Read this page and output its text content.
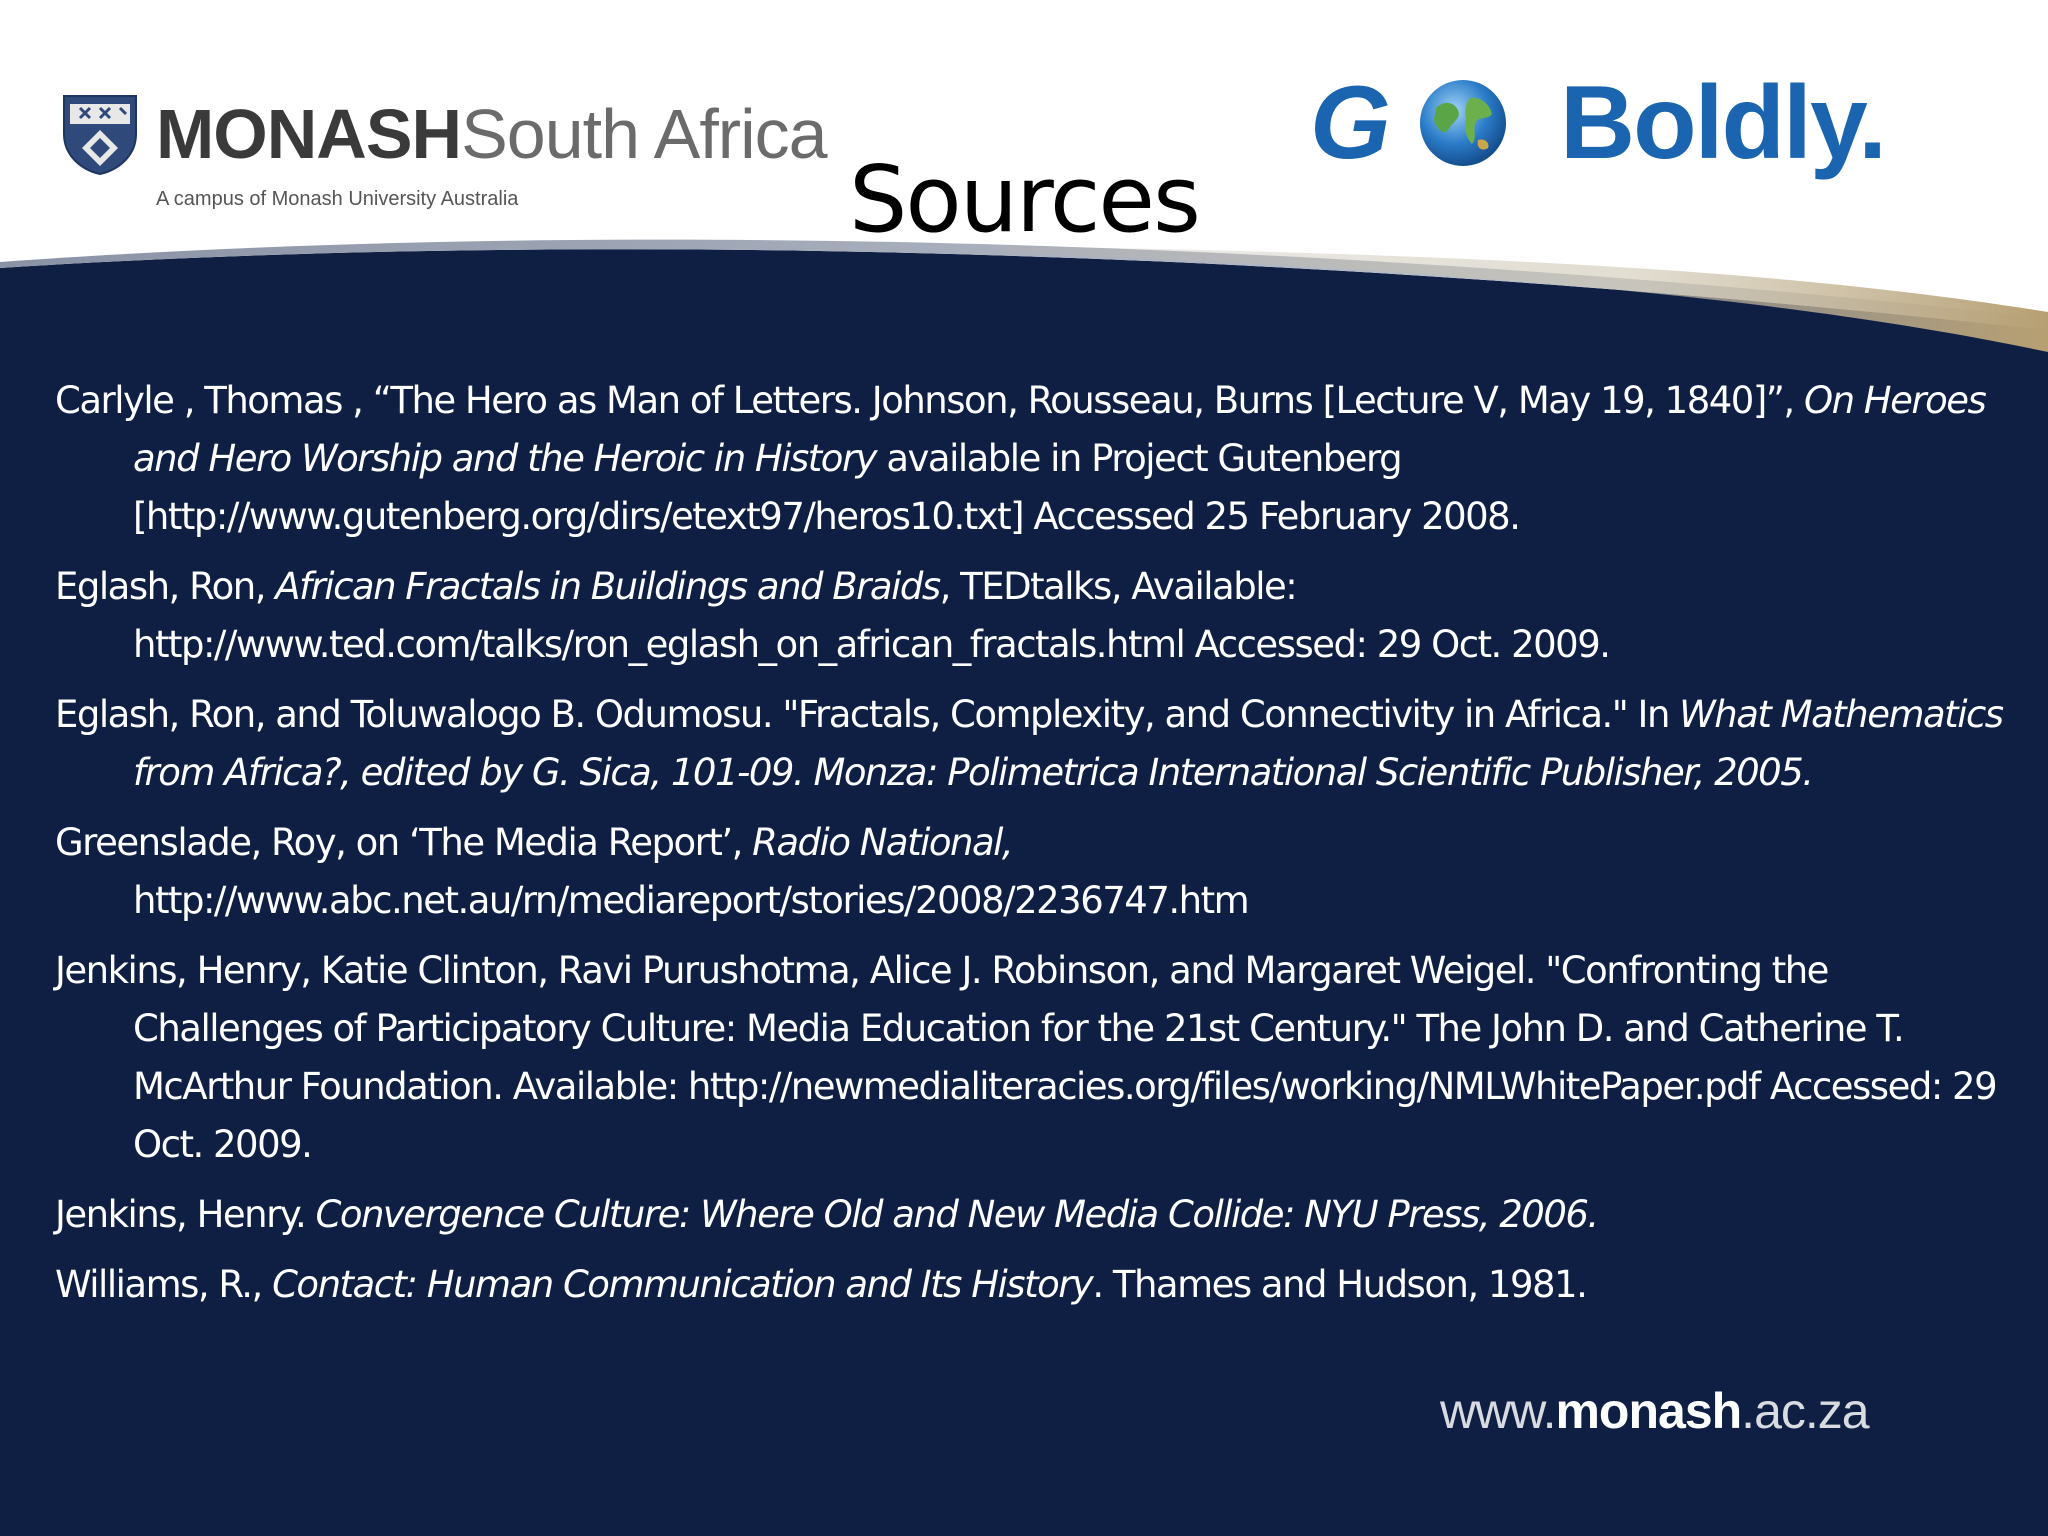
MONASHSouth Africa
A campus of Monash University Australia
G Boldly.
Sources
Carlyle , Thomas , “The Hero as Man of Letters. Johnson, Rousseau, Burns [Lecture V, May 19, 1840]”, On Heroes and Hero Worship and the Heroic in History available in Project Gutenberg [http://www.gutenberg.org/dirs/etext97/heros10.txt] Accessed 25 February 2008.
Eglash, Ron, African Fractals in Buildings and Braids, TEDtalks, Available: http://www.ted.com/talks/ron_eglash_on_african_fractals.html Accessed: 29 Oct. 2009.
Eglash, Ron, and Toluwalogo B. Odumosu. "Fractals, Complexity, and Connectivity in Africa." In What Mathematics from Africa?, edited by G. Sica, 101-09. Monza: Polimetrica International Scientific Publisher, 2005.
Greenslade, Roy, on ‘The Media Report’, Radio National, http://www.abc.net.au/rn/mediareport/stories/2008/2236747.htm
Jenkins, Henry, Katie Clinton, Ravi Purushotma, Alice J. Robinson, and Margaret Weigel. "Confronting the Challenges of Participatory Culture: Media Education for the 21st Century." The John D. and Catherine T. McArthur Foundation. Available: http://newmedialiteracies.org/files/working/NMLWhitePaper.pdf Accessed: 29 Oct. 2009.
Jenkins, Henry. Convergence Culture: Where Old and New Media Collide: NYU Press, 2006.
Williams, R., Contact: Human Communication and Its History. Thames and Hudson, 1981.
www.monash.ac.za
